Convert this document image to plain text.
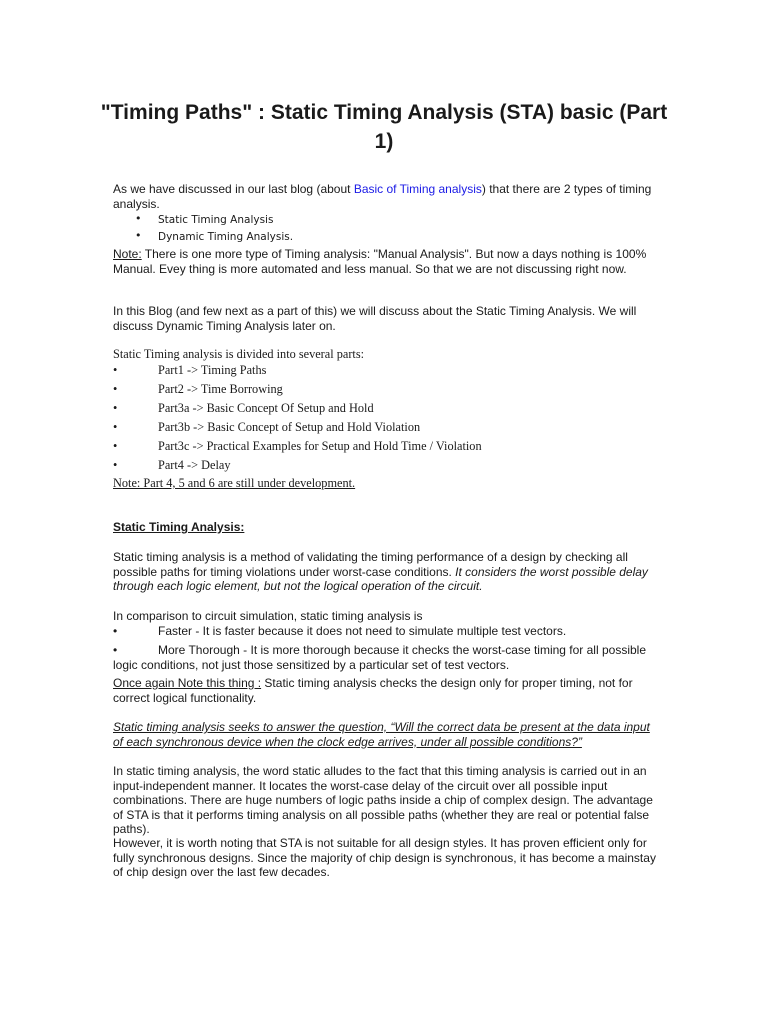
"Timing Paths" : Static Timing Analysis (STA) basic (Part 1)

As we have discussed in our last blog (about Basic of Timing analysis) that there are 2 types of timing analysis.

• Static Timing Analysis
• Dynamic Timing Analysis.

Note: There is one more type of Timing analysis: "Manual Analysis". But now a days nothing is 100% Manual. Evey thing is more automated and less manual. So that we are not discussing right now.

In this Blog (and few next as a part of this) we will discuss about the Static Timing Analysis. We will discuss Dynamic Timing Analysis later on.

Static Timing analysis is divided into several parts:

•	Part1 -> Timing Paths
•	Part2 -> Time Borrowing
•	Part3a -> Basic Concept Of Setup and Hold
•	Part3b -> Basic Concept of Setup and Hold Violation
•	Part3c -> Practical Examples for Setup and Hold Time / Violation
•	Part4 -> Delay

Note: Part 4, 5 and 6 are still under development.

Static Timing Analysis:

Static timing analysis is a method of validating the timing performance of a design by checking all possible paths for timing violations under worst-case conditions. It considers the worst possible delay through each logic element, but not the logical operation of the circuit.

In comparison to circuit simulation, static timing analysis is

•	Faster - It is faster because it does not need to simulate multiple test vectors.

More Thorough - It is more thorough because it checks the worst-case timing for all possible logic conditions, not just those sensitized by a particular set of test vectors.

•

Once again Note this thing : Static timing analysis checks the design only for proper timing, not for correct logical functionality.

Static timing analysis seeks to answer the question, “Will the correct data be present at the data input of each synchronous device when the clock edge arrives, under all possible conditions?”

In static timing analysis, the word static alludes to the fact that this timing analysis is carried out in an input-independent manner. It locates the worst-case delay of the circuit over all possible input combinations. There are huge numbers of logic paths inside a chip of complex design. The advantage of STA is that it performs timing analysis on all possible paths (whether they are real or potential false paths).

However, it is worth noting that STA is not suitable for all design styles. It has proven efficient only for fully synchronous designs. Since the majority of chip design is synchronous, it has become a mainstay of chip design over the last few decades.
